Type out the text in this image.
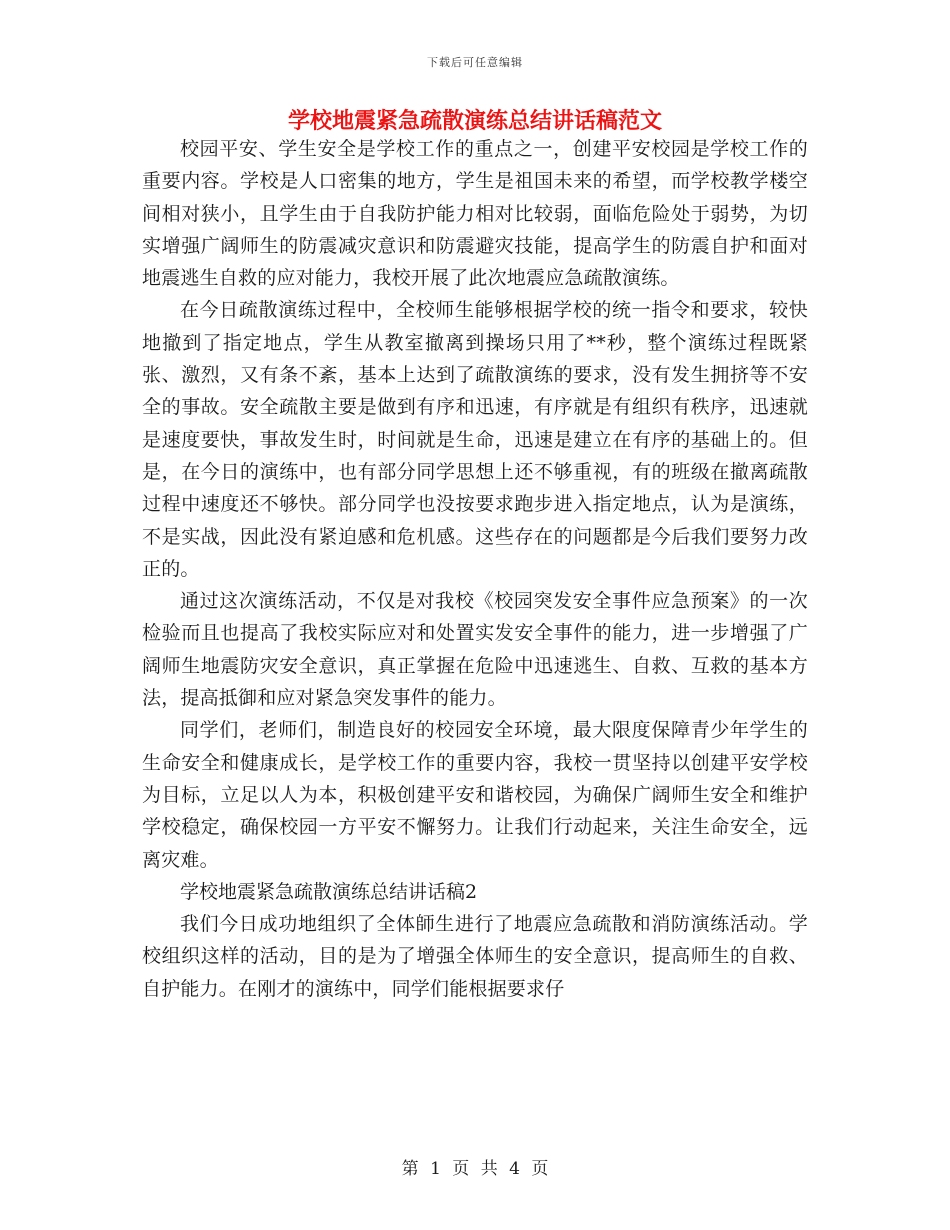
下载后可任意编辑
学校地震紧急疏散演练总结讲话稿范文

校园平安、学生安全是学校工作的重点之一，创建平安校园是学校工作的重要内容。学校是人口密集的地方，学生是祖国未来的希望，而学校教学楼空间相对狭小，且学生由于自我防护能力相对比较弱，面临危险处于弱势，为切实增强广阔师生的防震减灾意识和防震避灾技能，提高学生的防震自护和面对地震逃生自救的应对能力，我校开展了此次地震应急疏散演练。

在今日疏散演练过程中，全校师生能够根据学校的统一指令和要求，较快地撤到了指定地点，学生从教室撤离到操场只用了**秒，整个演练过程既紧张、激烈，又有条不紊，基本上达到了疏散演练的要求，没有发生拥挤等不安全的事故。安全疏散主要是做到有序和迅速，有序就是有组织有秩序，迅速就是速度要快，事故发生时，时间就是生命，迅速是建立在有序的基础上的。但是，在今日的演练中，也有部分同学思想上还不够重视，有的班级在撤离疏散过程中速度还不够快。部分同学也没按要求跑步进入指定地点，认为是演练，不是实战，因此没有紧迫感和危机感。这些存在的问题都是今后我们要努力改正的。

通过这次演练活动，不仅是对我校《校园突发安全事件应急预案》的一次检验而且也提高了我校实际应对和处置实发安全事件的能力，进一步增强了广阔师生地震防灾安全意识，真正掌握在危险中迅速逃生、自救、互救的基本方法，提高抵御和应对紧急突发事件的能力。

同学们，老师们，制造良好的校园安全环境，最大限度保障青少年学生的生命安全和健康成长，是学校工作的重要内容，我校一贯坚持以创建平安学校为目标，立足以人为本，积极创建平安和谐校园，为确保广阔师生安全和维护学校稳定，确保校园一方平安不懈努力。让我们行动起来，关注生命安全，远离灾难。

学校地震紧急疏散演练总结讲话稿2

我们今日成功地组织了全体師生进行了地震应急疏散和消防演练活动。学校组织这样的活动，目的是为了增强全体师生的安全意识，提高师生的自救、自护能力。在刚才的演练中，同学们能根据要求仔

第 1 页 共 4 页
